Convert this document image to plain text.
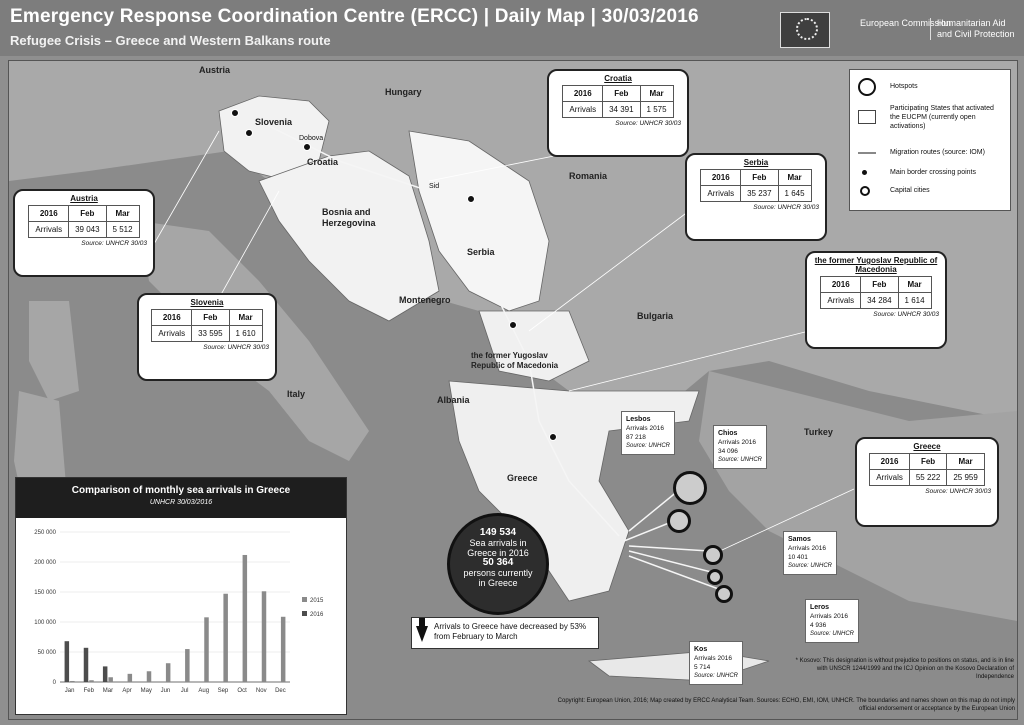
Emergency Response Coordination Centre (ERCC) | Daily Map | 30/03/2016
Refugee Crisis – Greece and Western Balkans route
European Commission
Humanitarian Aid and Civil Protection
Austria
Hungary
Slovenia
Croatia
Romania
Bosnia and Herzegovina
Serbia
Montenegro
Bulgaria
the former Yugoslav Republic of Macedonia
Albania
Italy
Greece
Turkey
Dobova
Sid
Hotspots
Participating States that activated the EUCPM (currently open activations)
Migration routes (source: IOM)
Main border crossing points
Capital cities
Croatia
2016	Feb	Mar
Arrivals	34 391	1 575
Source: UNHCR 30/03
Serbia
2016	Feb	Mar
Arrivals	35 237	1 645
Source: UNHCR 30/03
Austria
2016	Feb	Mar
Arrivals	39 043	5 512
Source: UNHCR 30/03
Slovenia
2016	Feb	Mar
Arrivals	33 595	1 610
Source: UNHCR 30/03
the former Yugoslav Republic of Macedonia
2016	Feb	Mar
Arrivals	34 284	1 614
Source: UNHCR 30/03
Greece
2016	Feb	Mar
Arrivals	55 222	25 959
Source: UNHCR 30/03
Lesbos
Arrivals 2016
87 218
Source: UNHCR
Chios
Arrivals 2016
34 096
Source: UNHCR
Samos
Arrivals 2016
10 401
Source: UNHCR
Leros
Arrivals 2016
4 936
Source: UNHCR
Kos
Arrivals 2016
5 714
Source: UNHCR
Comparison of monthly sea arrivals in Greece
UNHCR 30/03/2016
0
50 000
100 000
150 000
200 000
250 000
Jan Feb Mar Apr May Jun Jul Aug Sep Oct Nov Dec
2015
2016
149 534
Sea arrivals in Greece in 2016
50 364
persons currently in Greece
Arrivals to Greece have decreased by 53% from February to March
* Kosovo: This designation is without prejudice to positions on status, and is in line with UNSCR 1244/1999 and the ICJ Opinion on the Kosovo Declaration of Independence
Copyright: European Union, 2016; Map created by ERCC Analytical Team. Sources: ECHO, EMI, IOM, UNHCR. The boundaries and names shown on this map do not imply official endorsement or acceptance by the European Union
